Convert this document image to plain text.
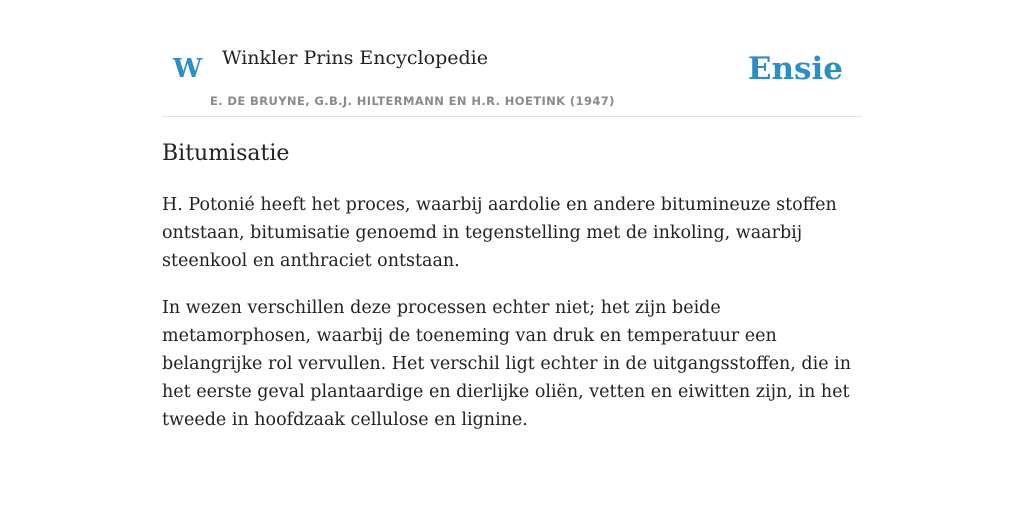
W Winkler Prins Encyclopedie
E. DE BRUYNE, G.B.J. HILTERMANN EN H.R. HOETINK (1947)
Ensie
Bitumisatie

H. Potonié heeft het proces, waarbij aardolie en andere bitumineuze stoffen ontstaan, bitumisatie genoemd in tegenstelling met de inkoling, waarbij steenkool en anthraciet ontstaan.

In wezen verschillen deze processen echter niet; het zijn beide metamorphosen, waarbij de toeneming van druk en temperatuur een belangrijke rol vervullen. Het verschil ligt echter in de uitgangsstoffen, die in het eerste geval plantaardige en dierlijke oliën, vetten en eiwitten zijn, in het tweede in hoofdzaak cellulose en lignine.
